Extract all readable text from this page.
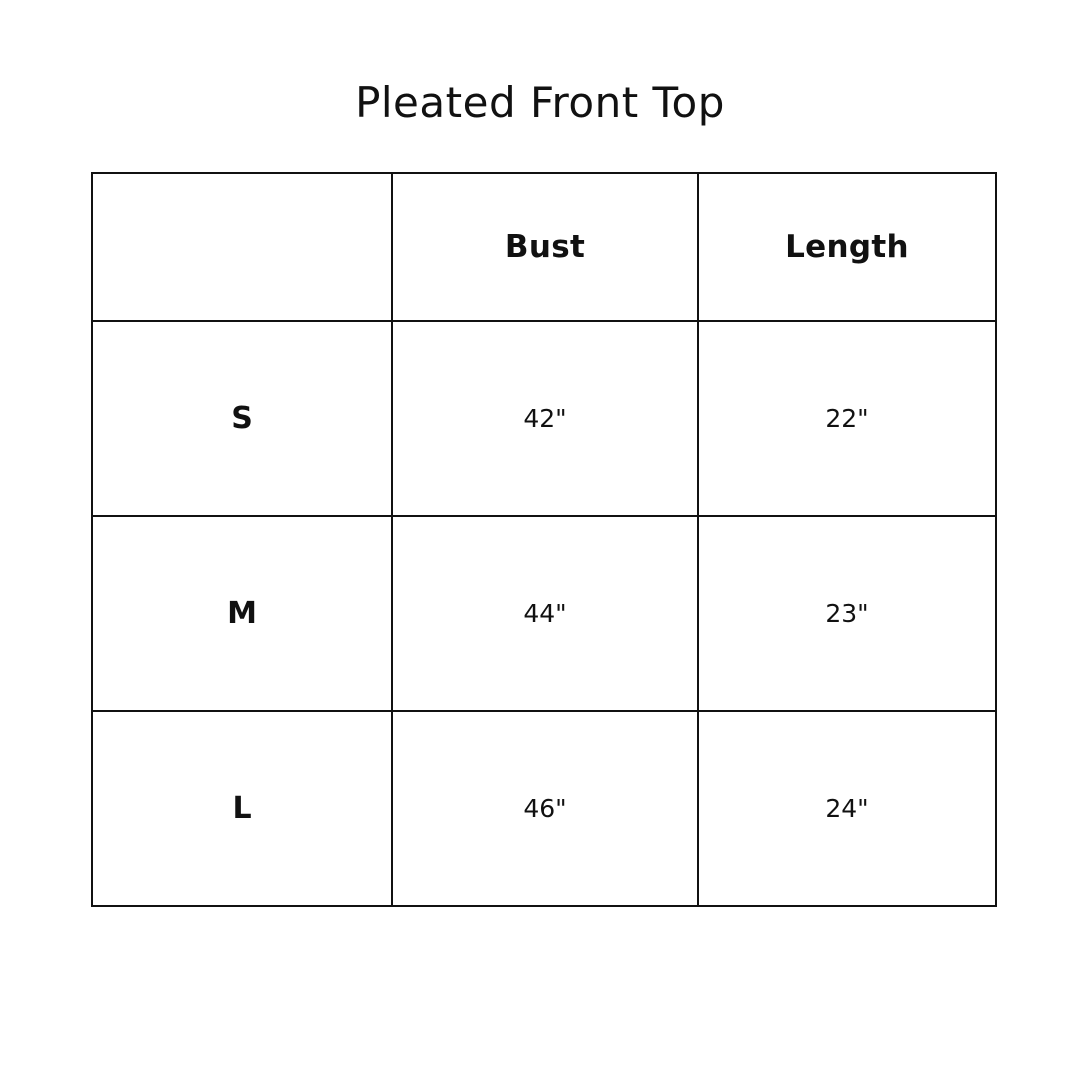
Pleated Front Top
	Bust	Length
S	42"	22"
M	44"	23"
L	46"	24"
